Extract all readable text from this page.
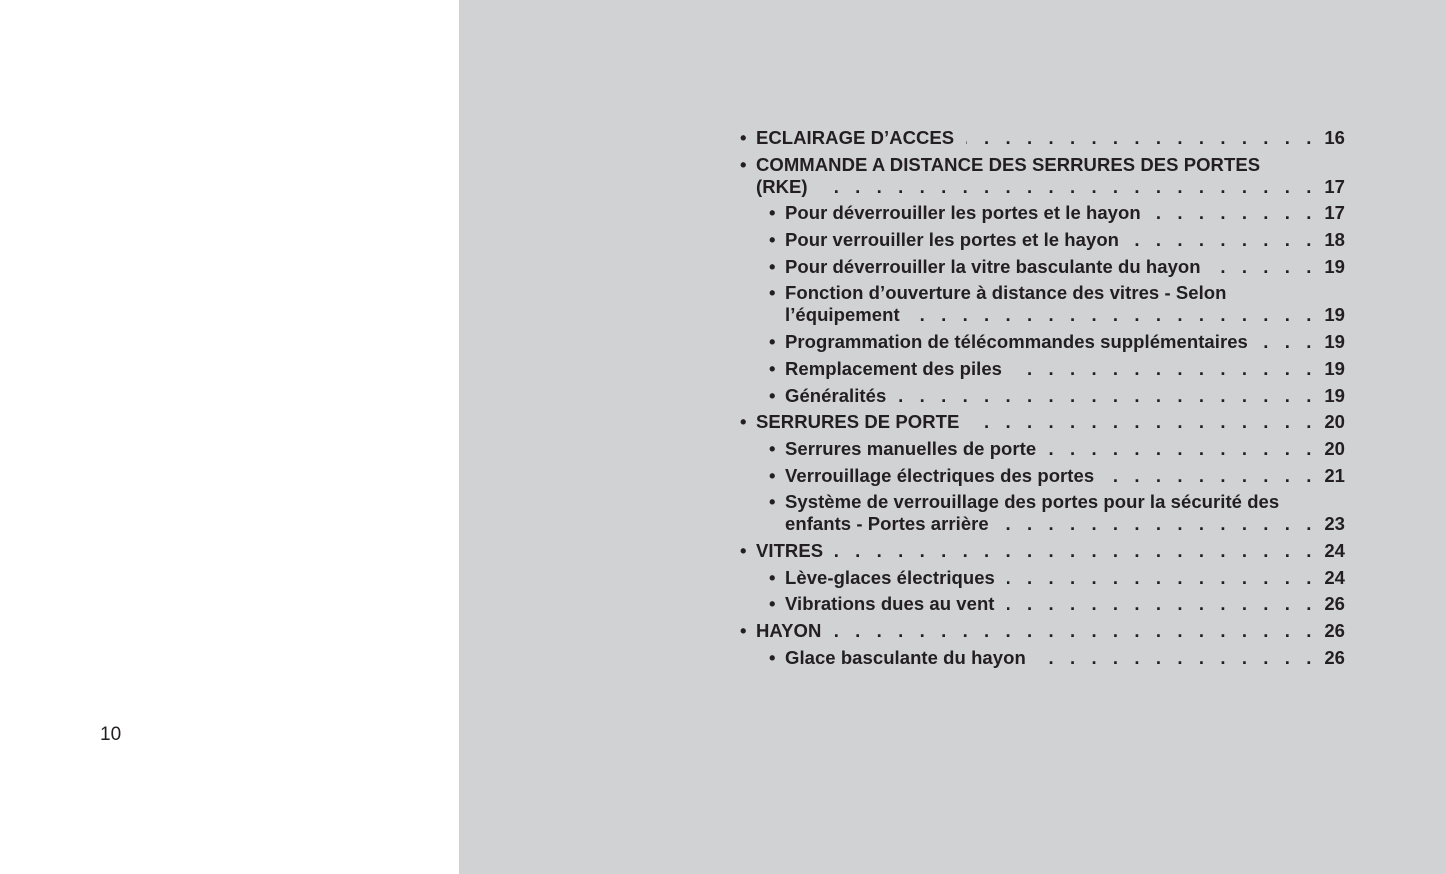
10
• ECLAIRAGE D’ACCES . . .	16
• COMMANDE A DISTANCE DES SERRURES DES PORTES
(RKE) . . .	17
• Pour déverrouiller les portes et le hayon . . .	17
• Pour verrouiller les portes et le hayon . . .	18
• Pour déverrouiller la vitre basculante du hayon . . .	19
• Fonction d’ouverture à distance des vitres - Selon
l’équipement . . .	19
• Programmation de télécommandes supplémentaires . . .	19
• Remplacement des piles . . .	19
• Généralités . . .	19
• SERRURES DE PORTE . . .	20
• Serrures manuelles de porte . . .	20
• Verrouillage électriques des portes . . .	21
• Système de verrouillage des portes pour la sécurité des
enfants - Portes arrière . . .	23
• VITRES . . .	24
• Lève-glaces électriques . . .	24
• Vibrations dues au vent . . .	26
• HAYON . . .	26
• Glace basculante du hayon . . .	26
